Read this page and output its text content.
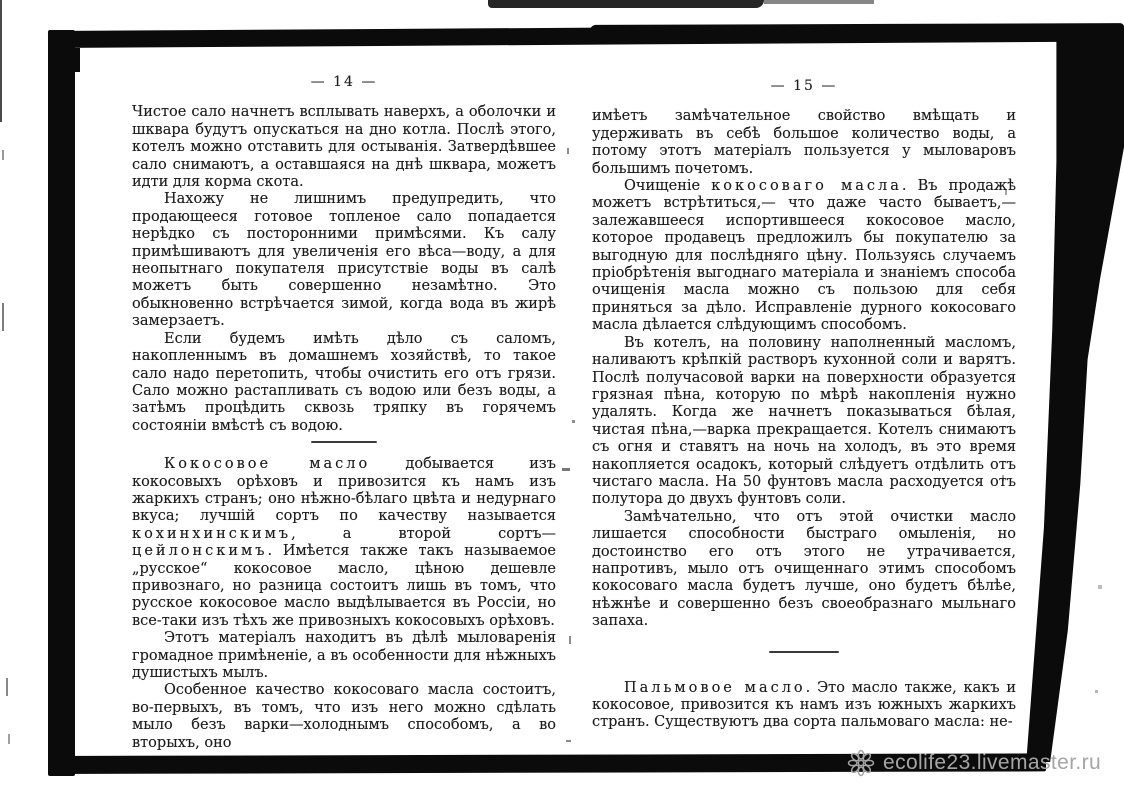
— 14 —

Чистое сало начнетъ всплывать наверхъ, а оболочки и шквара будутъ опускаться на дно котла. Послѣ этого, котелъ можно отставить для остыванія. Затвердѣвшее сало снимаютъ, а оставшаяся на днѣ шквара, можетъ идти для корма скота.

Нахожу не лишнимъ предупредить, что продающееся готовое топленое сало попадается нерѣдко съ посторонними примѣсями. Къ салу примѣшиваютъ для увеличенія его вѣса—воду, а для неопытнаго покупателя присутствіе воды въ салѣ можетъ быть совершенно незамѣтно. Это обыкновенно встрѣчается зимой, когда вода въ жирѣ замерзаетъ.

Если будемъ имѣть дѣло съ саломъ, накопленнымъ въ домашнемъ хозяйствѣ, то такое сало надо перетопить, чтобы очистить его отъ грязи. Сало можно растапливать съ водою или безъ воды, а затѣмъ процѣдить сквозь тряпку въ горячемъ состояніи вмѣстѣ съ водою.

Кокосовое масло добывается изъ кокосовыхъ орѣховъ и привозится къ намъ изъ жаркихъ странъ; оно нѣжно-бѣлаго цвѣта и недурнаго вкуса; лучшій сортъ по качеству называется кохинхинскимъ, а второй сортъ—цейлонскимъ. Имѣется также такъ называемое „русское“ кокосовое масло, цѣною дешевле привознаго, но разница состоитъ лишь въ томъ, что русское кокосовое масло выдѣлывается въ Россіи, но все-таки изъ тѣхъ же привозныхъ кокосовыхъ орѣховъ.

Этотъ матеріалъ находитъ въ дѣлѣ мыловаренія громадное примѣненіе, а въ особенности для нѣжныхъ душистыхъ мылъ.

Особенное качество кокосоваго масла состоитъ, во-первыхъ, въ томъ, что изъ него можно сдѣлать мыло безъ варки—холоднымъ способомъ, а во вторыхъ, оно

— 15 —

имѣетъ замѣчательное свойство вмѣщать и удерживать въ себѣ большое количество воды, а потому этотъ матеріалъ пользуется у мыловаровъ большимъ почетомъ.

Очищеніе кокосоваго масла. Въ продажѣ можетъ встрѣтиться,— что даже часто бываетъ,— залежавшееся испортившееся кокосовое масло, которое продавецъ предложилъ бы покупателю за выгодную для послѣдняго цѣну. Пользуясь случаемъ пріобрѣтенія выгоднаго матеріала и знаніемъ способа очищенія масла можно съ пользою для себя приняться за дѣло. Исправленіе дурного кокосоваго масла дѣлается слѣдующимъ способомъ.

Въ котелъ, на половину наполненный масломъ, наливаютъ крѣпкій растворъ кухонной соли и варятъ. Послѣ получасовой варки на поверхности образуется грязная пѣна, которую по мѣрѣ накопленія нужно удалять. Когда же начнетъ показываться бѣлая, чистая пѣна,—варка прекращается. Котелъ снимаютъ съ огня и ставятъ на ночь на холодъ, въ это время накопляется осадокъ, который слѣдуетъ отдѣлить отъ чистаго масла. На 50 фунтовъ масла расходуется отъ полутора до двухъ фунтовъ соли.

Замѣчательно, что отъ этой очистки масло лишается способности быстраго омыленія, но достоинство его отъ этого не утрачивается, напротивъ, мыло отъ очищеннаго этимъ способомъ кокосоваго масла будетъ лучше, оно будетъ бѣлѣе, нѣжнѣе и совершенно безъ своеобразнаго мыльнаго запаха.

Пальмовое масло. Это масло также, какъ и кокосовое, привозится къ намъ изъ южныхъ жаркихъ странъ. Существуютъ два сорта пальмоваго масла: не-

ecolife23.livemaster.ru
